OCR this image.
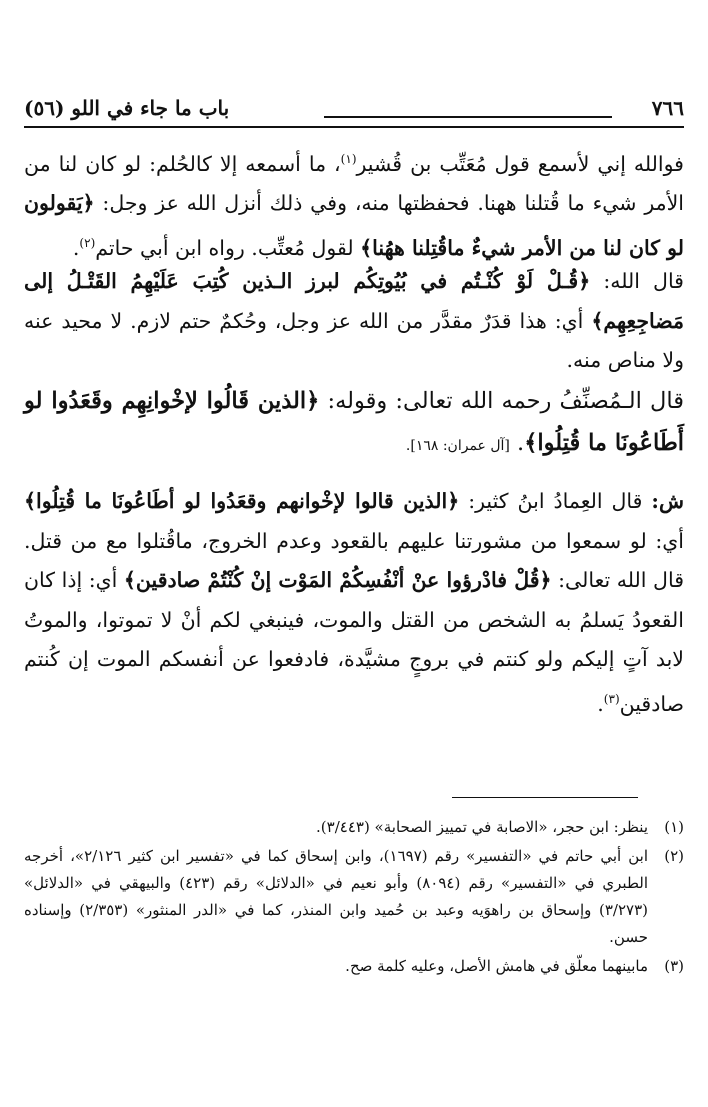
٧٦٦
باب ما جاء في اللو (٥٦)

فوالله إني لأسمع قول مُعَتِّب بن قُشير$^{(١)}$، ما أسمعه إلا كالحُلم: لو كان لنا من الأمر شيء ما قُتلنا ههنا. فحفظتها منه، وفي ذلك أنزل الله عز وجل: ﴿يَقولون لو كان لنا من الأمر شيءٌ ماقُتِلنا ههُنا﴾ لقول مُعتِّب. رواه ابن أبي حاتم$^{(٢)}$.

قال الله: ﴿قُـلْ لَوْ كُنْـتُم في بُيُوتِكُم لبرز الـذين كُتِبَ عَلَيْهِمُ القَتْـلُ إلى مَضاجِعِهِم﴾ أي: هذا قدَرٌ مقدَّر من الله عز وجل، وحُكمٌ حتم لازم. لا محيد عنه ولا مناص منه.

قال الـمُصنِّفُ رحمه الله تعالى: وقوله: ﴿الذين قَالُوا لإخْوانِهِم وقَعَدُوا لو أَطَاعُونَا ما قُتِلُوا﴾. [آل عمران: ١٦٨].

ش: قال العِمادُ ابنُ كثير: ﴿الذين قالوا لإخْوانهم وقعَدُوا لو أطَاعُونَا ما قُتِلُوا﴾ أي: لو سمعوا من مشورتنا عليهم بالقعود وعدم الخروج، ماقُتلوا مع من قتل. قال الله تعالى: ﴿قُلْ فادْرؤوا عنْ أنْفُسِكُمْ المَوْت إنْ كُنْتُمْ صادقين﴾ أي: إذا كان القعودُ يَسلمُ به الشخص من القتل والموت، فينبغي لكم أنْ لا تموتوا، والموتُ لابد آتٍ إليكم ولو كنتم في بروجٍ مشيَّدة، فادفعوا عن أنفسكم الموت إن كُنتم صادقين$^{(٣)}$.

(١)
ينظر: ابن حجر، «الاصابة في تمييز الصحابة» (٣/٤٤٣).

(٢)
ابن أبي حاتم في «التفسير» رقم (١٦٩٧)، وابن إسحاق كما في «تفسير ابن كثير ٢/١٢٦»، أخرجه الطبري في «التفسير» رقم (٨٠٩٤) وأبو نعيم في «الدلائل» رقم (٤٢٣) والبيهقي في «الدلائل» (٣/٢٧٣) وإسحاق بن راهوَيه وعبد بن حُميد وابن المنذر، كما في «الدر المنثور» (٢/٣٥٣) وإسناده حسن.

(٣)
مابينهما معلّق في هامش الأصل، وعليه كلمة صح.
